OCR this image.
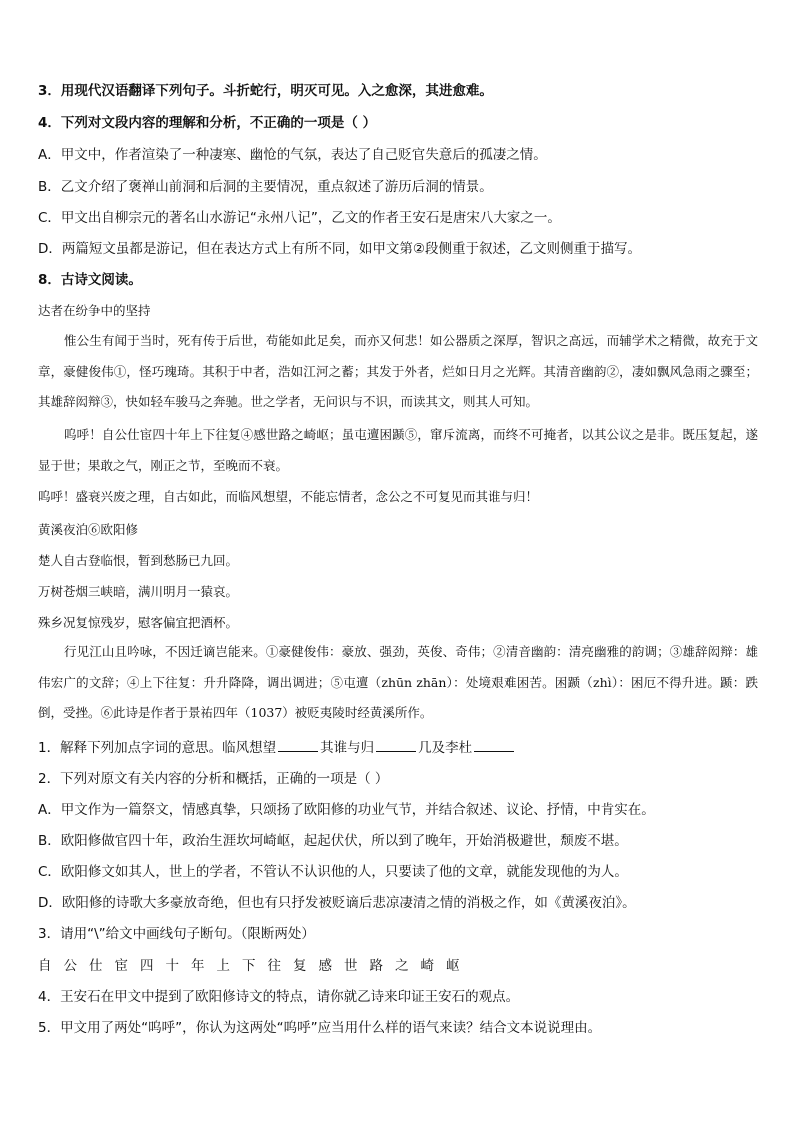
3．用现代汉语翻译下列句子。斗折蛇行，明灭可见。入之愈深，其进愈难。
4．下列对文段内容的理解和分析，不正确的一项是（ ）
A．甲文中，作者渲染了一种凄寒、幽怆的气氛，表达了自己贬官失意后的孤凄之情。
B．乙文介绍了褒禅山前洞和后洞的主要情况，重点叙述了游历后洞的情景。
C．甲文出自柳宗元的著名山水游记“永州八记”，乙文的作者王安石是唐宋八大家之一。
D．两篇短文虽都是游记，但在表达方式上有所不同，如甲文第②段侧重于叙述，乙文则侧重于描写。
8．古诗文阅读。
达者在纷争中的坚持
惟公生有闻于当时，死有传于后世，苟能如此足矣，而亦又何悲！如公器质之深厚，智识之高远，而辅学术之精微，故充于文章，豪健俊伟①，怪巧瑰琦。其积于中者，浩如江河之蓄；其发于外者，烂如日月之光辉。其清音幽韵②，凄如飘风急雨之骤至；其雄辞闳辩③，快如轻车骏马之奔驰。世之学者，无问识与不识，而读其文，则其人可知。
呜呼！自公仕宦四十年上下往复④感世路之崎岖；虽屯邅困踬⑤，窜斥流离，而终不可掩者，以其公议之是非。既压复起，遂显于世；果敢之气，刚正之节，至晚而不衰。
呜呼！盛衰兴废之理，自古如此，而临风想望，不能忘情者，念公之不可复见而其谁与归！
黄溪夜泊⑥欧阳修
楚人自古登临恨，暂到愁肠已九回。
万树苍烟三峡暗，满川明月一猿哀。
殊乡况复惊残岁，慰客偏宜把酒杯。
行见江山且吟咏，不因迁谪岂能来。①豪健俊伟：豪放、强劲，英俊、奇伟；②清音幽韵：清亮幽雅的韵调；③雄辞闳辩：雄伟宏广的文辞；④上下往复：升升降降，调出调进；⑤屯邅（zhūn zhān）：处境艰难困苦。困踬（zhì）：困厄不得升进。踬：跌倒，受挫。⑥此诗是作者于景祐四年（1037）被贬夷陵时经黄溪所作。
1．解释下列加点字词的意思。临风想望	其谁与归	几及李杜
2．下列对原文有关内容的分析和概括，正确的一项是（ ）
A．甲文作为一篇祭文，情感真挚，只颂扬了欧阳修的功业气节，并结合叙述、议论、抒情，中肯实在。
B．欧阳修做官四十年，政治生涯坎坷崎岖，起起伏伏，所以到了晚年，开始消极避世，颓废不堪。
C．欧阳修文如其人，世上的学者，不管认不认识他的人，只要读了他的文章，就能发现他的为人。
D．欧阳修的诗歌大多豪放奇绝，但也有只抒发被贬谪后悲凉凄清之情的消极之作，如《黄溪夜泊》。
3．请用“\”给文中画线句子断句。（限断两处）
自公仕宦四十年上下往复感世路之崎岖
4．王安石在甲文中提到了欧阳修诗文的特点，请你就乙诗来印证王安石的观点。
5．甲文用了两处“呜呼”，你认为这两处“呜呼”应当用什么样的语气来读？结合文本说说理由。
